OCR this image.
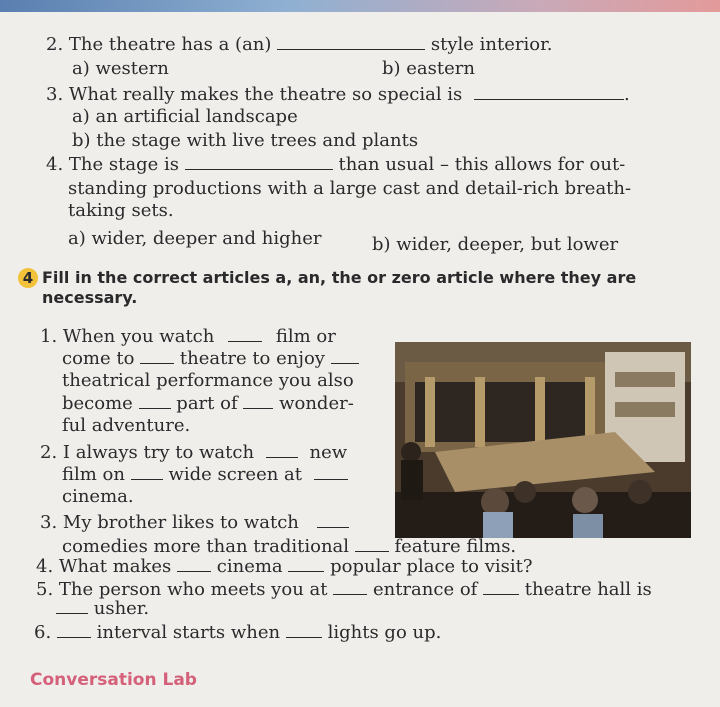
2. The theatre has a (an)	style interior.
a) western	b) eastern
3. What really makes the theatre so special is	.
a) an artificial landscape
b) the stage with live trees and plants
4. The stage is	than usual – this allows for out-
standing productions with a large cast and detail-rich breath-
taking sets.
a) wider, deeper and higher	b) wider, deeper, but lower
4 Fill in the correct articles a, an, the or zero article where they are
necessary.
1. When you watch	film or
come to	theatre to enjoy
theatrical performance you also
become part of wonder-
ful adventure.
2. I always try to watch	new
film on wide screen at
cinema.
3. My brother likes to watch
comedies more than traditional	feature films.
4. What makes	cinema	popular place to visit?
5. The person who meets you at	entrance of	theatre hall is
usher.
6.	interval starts when	lights go up.
Conversation Lab
